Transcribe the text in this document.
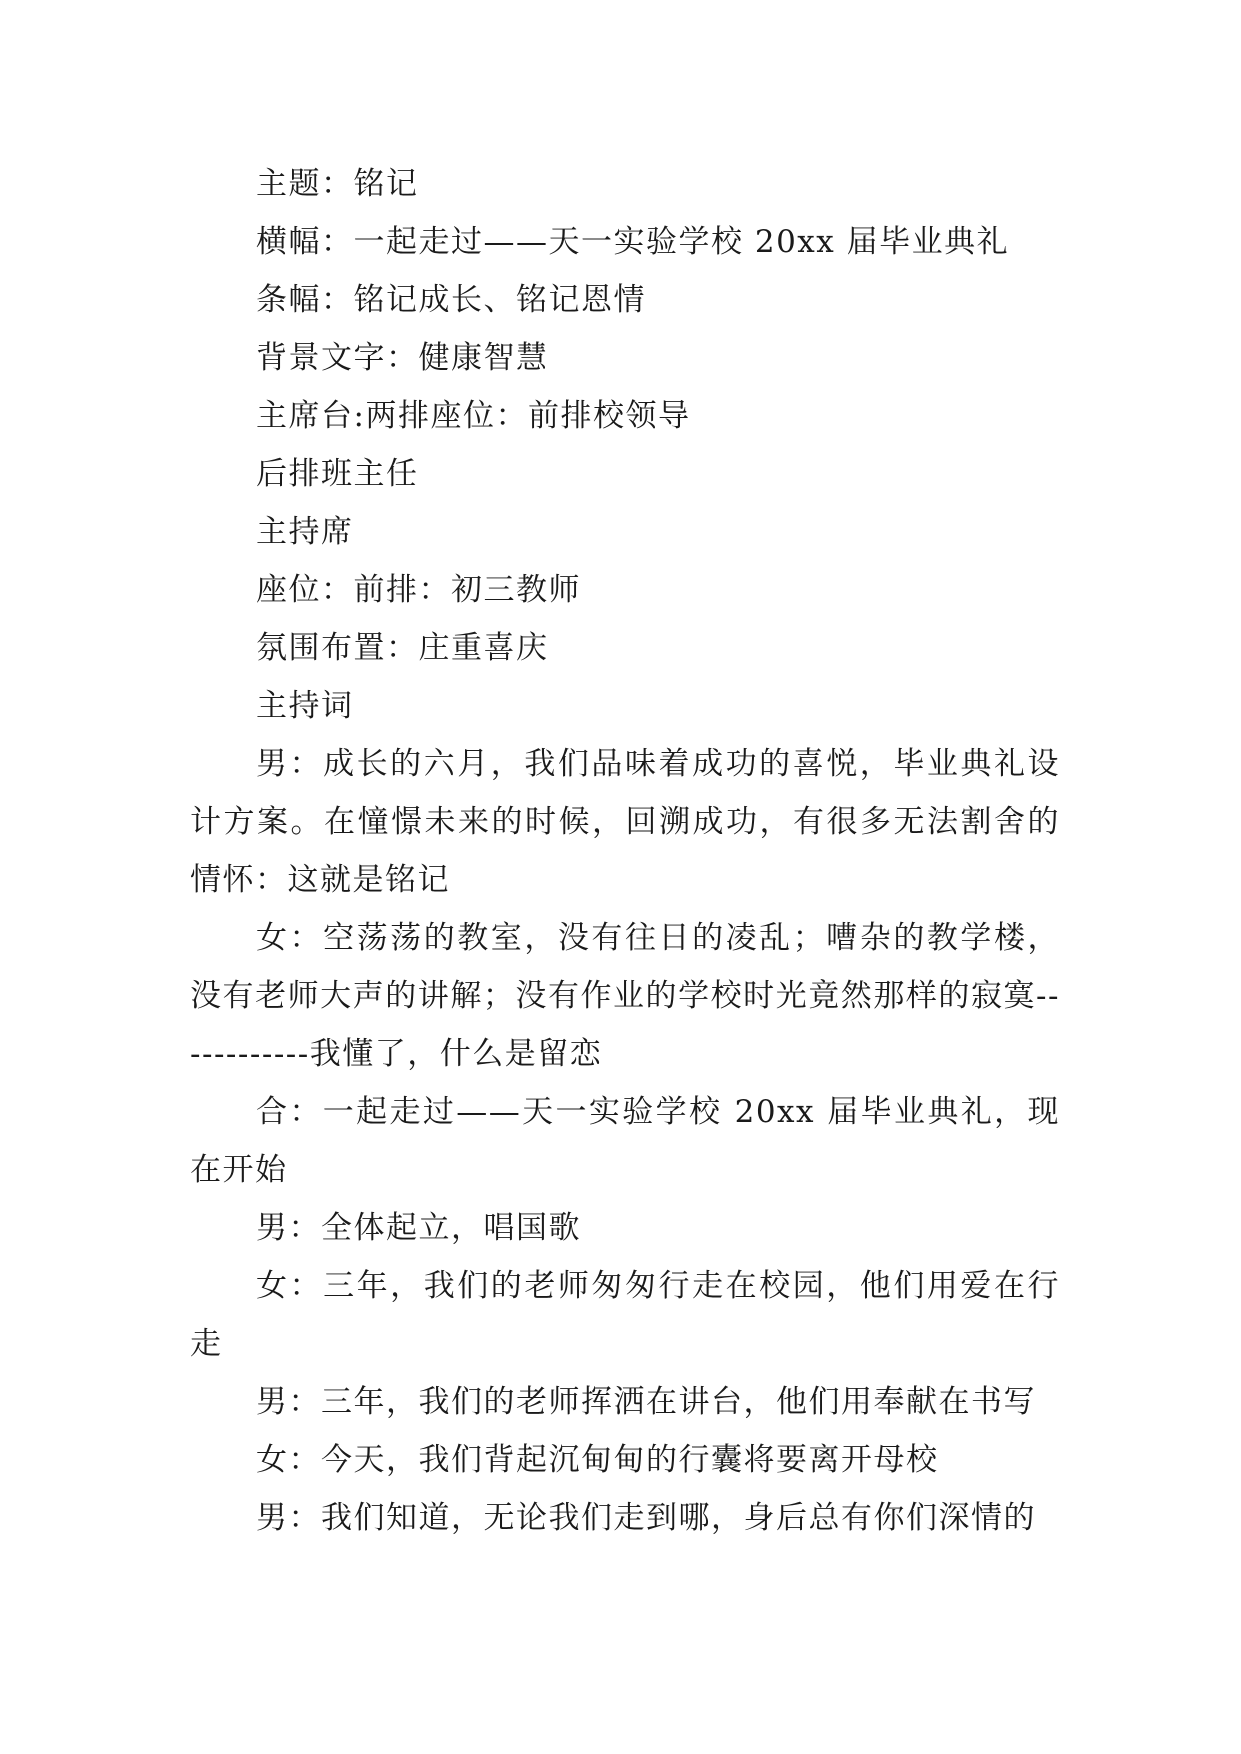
主题：铭记

横幅：一起走过——天一实验学校 20xx 届毕业典礼

条幅：铭记成长、铭记恩情

背景文字：健康智慧

主席台:两排座位：前排校领导

后排班主任

主持席

座位：前排：初三教师

氛围布置：庄重喜庆

主持词

男：成长的六月，我们品味着成功的喜悦，毕业典礼设计方案。在憧憬未来的时候，回溯成功，有很多无法割舍的情怀：这就是铭记

女：空荡荡的教室，没有往日的凌乱；嘈杂的教学楼，没有老师大声的讲解；没有作业的学校时光竟然那样的寂寞------------我懂了，什么是留恋

合：一起走过——天一实验学校 20xx 届毕业典礼，现在开始

男：全体起立，唱国歌

女：三年，我们的老师匆匆行走在校园，他们用爱在行走

男：三年，我们的老师挥洒在讲台，他们用奉献在书写

女：今天，我们背起沉甸甸的行囊将要离开母校

男：我们知道，无论我们走到哪，身后总有你们深情的
